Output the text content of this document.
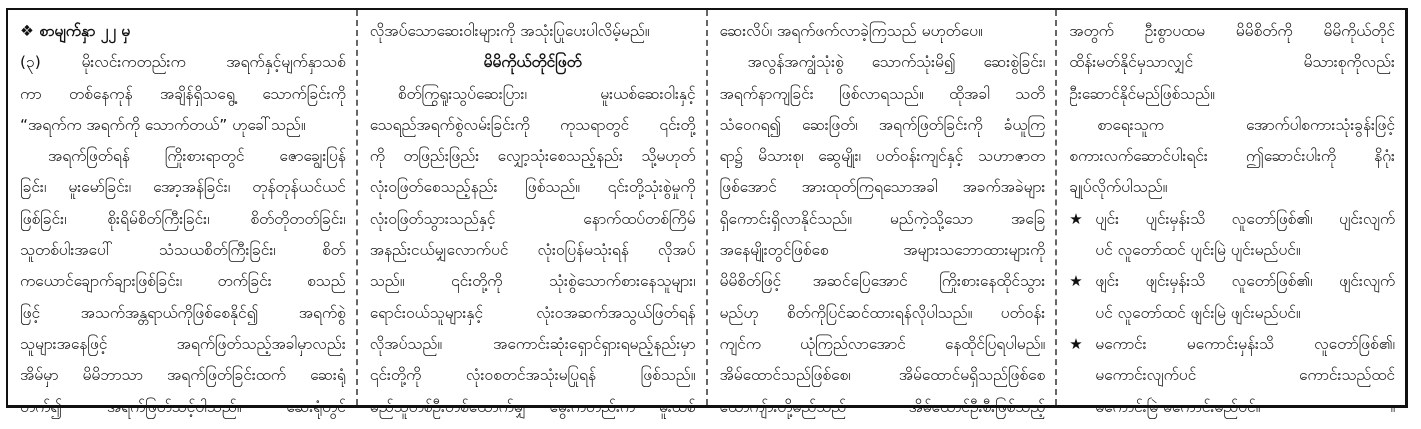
❖ စာမျက်နှာ ၂၂ မှ
(၃) မိုးလင်းကတည်းက အရက်နှင့်မျက်နှာသစ်
ကာ တစ်နေကုန် အချိန်ရှိသရွေ့ သောက်ခြင်းကို
“အရက်က အရက်ကို သောက်တယ်” ဟုခေါ်သည်။
အရက်ဖြတ်ရန် ကြိုးစားရာတွင် ဇောချွေးပြန်
ခြင်း၊ မူးမော်ခြင်း၊ အော့အန်ခြင်း၊ တုန်တုန်ယင်ယင်
ဖြစ်ခြင်း၊ စိုးရိမ်စိတ်ကြီးခြင်း၊ စိတ်တိုတတ်ခြင်း၊
သူတစ်ပါးအပေါ် သံသယစိတ်ကြီးခြင်း၊ စိတ်
ကယောင်ချောက်ချားဖြစ်ခြင်း၊ တက်ခြင်း စသည်
ဖြင့် အသက်အန္တရာယ်ကိုဖြစ်စေနိုင်၍ အရက်စွဲ
သူများအနေဖြင့် အရက်ဖြတ်သည့်အခါမှာလည်း
အိမ်မှာ မိမိဘာသာ အရက်ဖြတ်ခြင်းထက် ဆေးရုံ
တက်၍ အရက်ဖြတ်သင့်ပါသည်။ ဆေးရုံတွင်
လိုအပ်သောဆေးဝါးများကို အသုံးပြုပေးပါလိမ့်မည်။
မိမိကိုယ်တိုင်ဖြတ်
စိတ်ကြွရူးသွပ်ဆေးပြား၊ မူးယစ်ဆေးဝါးနှင့်
သေရည်အရက်စွဲလမ်းခြင်းကို ကုသရာတွင် ၎င်းတို့
ကို တဖြည်းဖြည်း လျှော့သုံးစေသည့်နည်း သို့မဟုတ်
လုံးဝဖြတ်စေသည့်နည်း ဖြစ်သည်။ ၎င်းတို့သုံးစွဲမှုကို
လုံးဝဖြတ်သွားသည်နှင့် နောက်ထပ်တစ်ကြိမ်
အနည်းငယ်မျှလောက်ပင် လုံးဝပြန်မသုံးရန် လိုအပ်
သည်။ ၎င်းတို့ကို သုံးစွဲသောက်စားနေသူများ၊
ရောင်းဝယ်သူများနှင့် လုံးဝအဆက်အသွယ်ဖြတ်ရန်
လိုအပ်သည်။ အကောင်းဆုံးရှောင်ရှားရမည့်နည်းမှာ
၎င်းတို့ကို လုံးဝစတင်အသုံးမပြုရန် ဖြစ်သည်။
မည်သူတစ်ဦးတစ်ယောက်မျှ မွေးကတည်းက မူးယစ်
ဆေးလိပ်၊ အရက်ဖက်လာခဲ့ကြသည် မဟုတ်ပေ။
အလွန်အကျွံသုံးစွဲ သောက်သုံးမိ၍ ဆေးစွဲခြင်း၊
အရက်နာကျခြင်း ဖြစ်လာရသည်။ ထိုအခါ သတိ
သံဝေဂရ၍ ဆေးဖြတ်၊ အရက်ဖြတ်ခြင်းကို ခံယူကြ
ရာ၌ မိသားစု၊ ဆွေမျိုး၊ ပတ်ဝန်းကျင်နှင့် သဟာဇာတ
ဖြစ်အောင် အားထုတ်ကြရသောအခါ အခက်အခဲများ
ရှိကောင်းရှိလာနိုင်သည်။ မည်ကဲ့သို့သော အခြေ
အနေမျိုးတွင်ဖြစ်စေ အများသဘောထားများကို
မိမိစိတ်ဖြင့် အဆင်ပြေအောင် ကြိုးစားနေထိုင်သွား
မည်ဟု စိတ်ကိုပြင်ဆင်ထားရန်လိုပါသည်။ ပတ်ဝန်း
ကျင်က ယုံကြည်လာအောင် နေထိုင်ပြရပါမည်။
အိမ်ထောင်သည်ဖြစ်စေ၊ အိမ်ထောင်မရှိသည်ဖြစ်စေ
ယောကျ်ားတို့မည်သည် အိမ်ထောင်ဦးစီးဖြစ်သည့်
အတွက် ဦးစွာပထမ မိမိစိတ်ကို မိမိကိုယ်တိုင်
ထိန်းမတ်နိုင်မှသာလျှင် မိသားစုကိုလည်း
ဦးဆောင်နိုင်မည်ဖြစ်သည်။
စာရေးသူက အောက်ပါစကားသုံးခွန်းဖြင့်
စကားလက်ဆောင်ပါးရင်း ဤဆောင်းပါးကို နိဂုံး
ချုပ်လိုက်ပါသည်။
★ ပျင်း ပျင်းမှန်းသိ လူတော်ဖြစ်၏၊ ပျင်းလျက်
ပင် လူတော်ထင် ပျင်းမြဲ ပျင်းမည်ပင်။
★ ဖျင်း ဖျင်းမှန်းသိ လူတော်ဖြစ်၏၊ ဖျင်းလျက်
ပင် လူတော်ထင် ဖျင်းမြဲ ဖျင်းမည်ပင်။
★ မကောင်း မကောင်းမှန်းသိ လူတော်ဖြစ်၏၊
မကောင်းလျက်ပင် ကောင်းသည်ထင်
မကောင်းမြဲ မကောင်းမည်ပင်။	။
